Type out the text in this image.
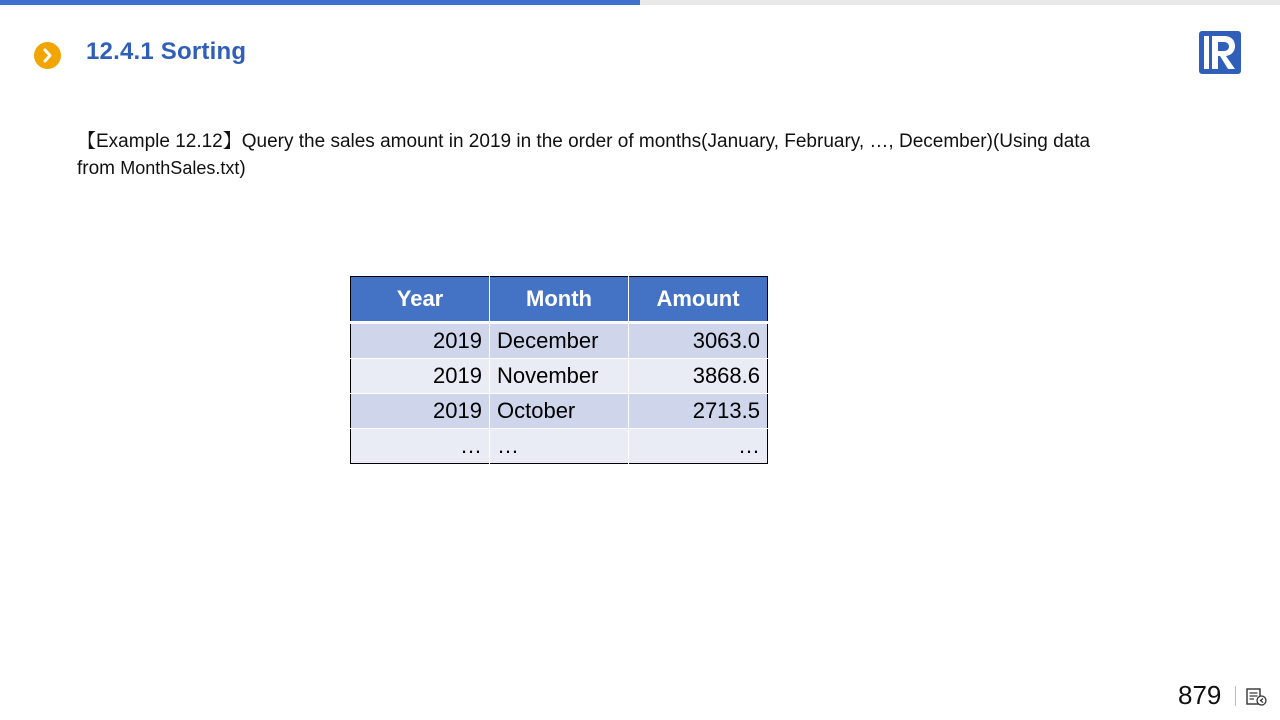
12.4.1 Sorting
【Example 12.12】Query the sales amount in 2019 in the order of months(January, February, …, December)(Using data
from MonthSales.txt)
Year	Month	Amount
2019	December	3063.0
2019	November	3868.6
2019	October	2713.5
…	…	…
879
